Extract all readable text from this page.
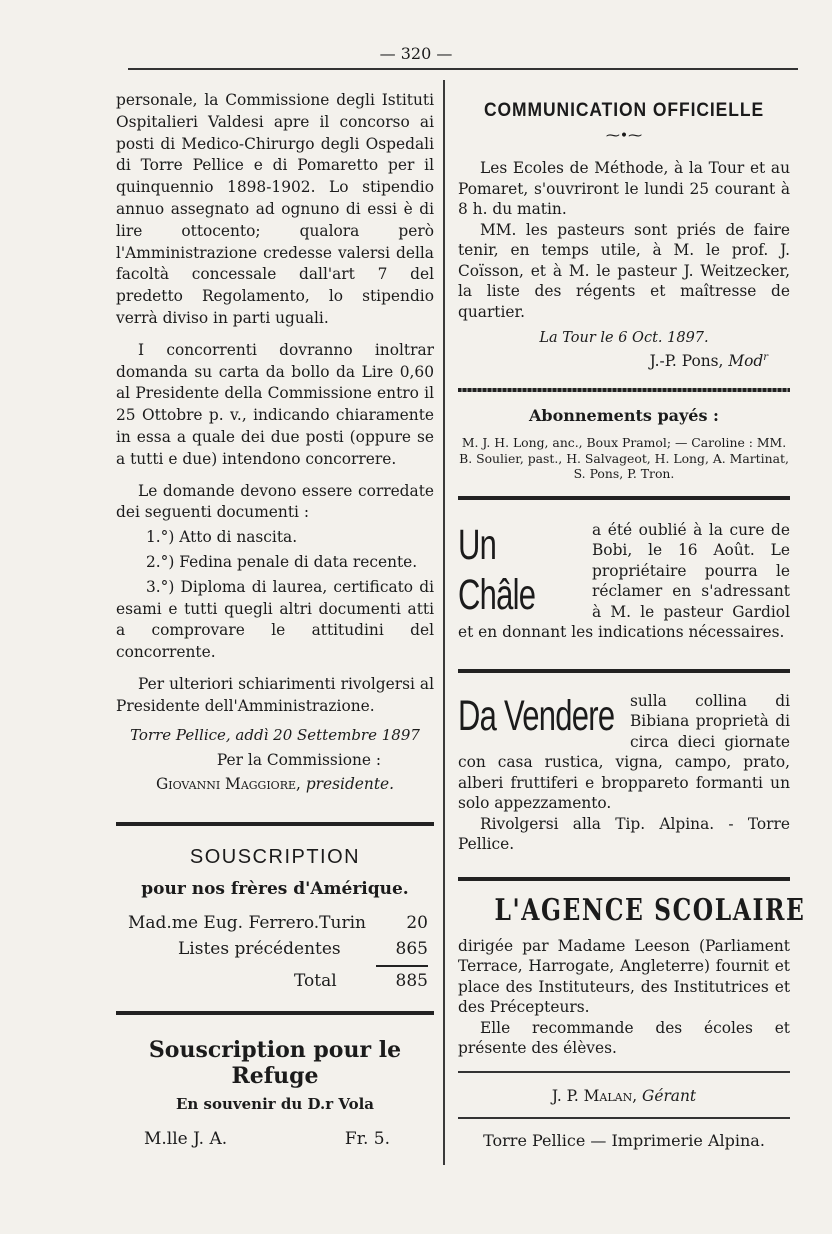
— 320 —

personale, la Commissione degli Istituti Ospitalieri Valdesi apre il concorso ai posti di Medico-Chirurgo degli Ospedali di Torre Pellice e di Pomaretto per il quinquennio 1898-1902. Lo stipendio annuo assegnato ad ognuno di essi è di lire ottocento; qualora però l'Amministrazione credesse valersi della facoltà concessale dall'art 7 del predetto Regolamento, lo stipendio verrà diviso in parti uguali.

I concorrenti dovranno inoltrar domanda su carta da bollo da Lire 0,60 al Presidente della Commissione entro il 25 Ottobre p. v., indicando chiaramente in essa a quale dei due posti (oppure se a tutti e due) intendono concorrere.

Le domande devono essere corredate dei seguenti documenti :

1.°) Atto di nascita.
2.°) Fedina penale di data recente.
3.°) Diploma di laurea, certificato di esami e tutti quegli altri documenti atti a comprovare le attitudini del concorrente.

Per ulteriori schiarimenti rivolgersi al Presidente dell'Amministrazione.

Torre Pellice, addì 20 Settembre 1897
Per la Commissione :
Giovanni Maggiore, presidente.
SOUSCRIPTION
pour nos frères d'Amérique.
Mad.me Eug. Ferrero.Turin	20
Listes précédentes	865
Total	885
Souscription pour le Refuge
En souvenir du D.r Vola
M.lle J. A.	Fr. 5.
COMMUNICATION OFFICIELLE
⁓•⁓

Les Ecoles de Méthode, à la Tour et au Pomaret, s'ouvriront le lundi 25 courant à 8 h. du matin.

MM. les pasteurs sont priés de faire tenir, en temps utile, à M. le prof. J. Coïsson, et à M. le pasteur J. Weitzecker, la liste des régents et maîtresse de quartier.

La Tour le 6 Oct. 1897.
J.-P. Pons, Mod$^r$
Abonnements payés :
M. J. H. Long, anc., Boux Pramol; — Caroline : MM. B. Soulier, past., H. Salvageot, H. Long, A. Martinat, S. Pons, P. Tron.
Un Châle
a été oublié à la cure de Bobi, le 16 Août. Le propriétaire pourra le réclamer en s'adressant à M. le pasteur Gardiol et en donnant les indications nécessaires.
Da Vendere	sulla collina di Bibiana proprietà di circa dieci giornate con casa rustica, vigna, campo, prato, alberi fruttiferi e broppareto formanti un solo appezzamento.
Rivolgersi alla Tip. Alpina. - Torre Pellice.
L'AGENCE SCOLAIRE

dirigée par Madame Leeson (Parliament Terrace, Harrogate, Angleterre) fournit et place des Instituteurs, des Institutrices et des Précepteurs.

Elle recommande des écoles et présente des élèves.

J. P. Malan, Gérant
Torre Pellice — Imprimerie Alpina.
